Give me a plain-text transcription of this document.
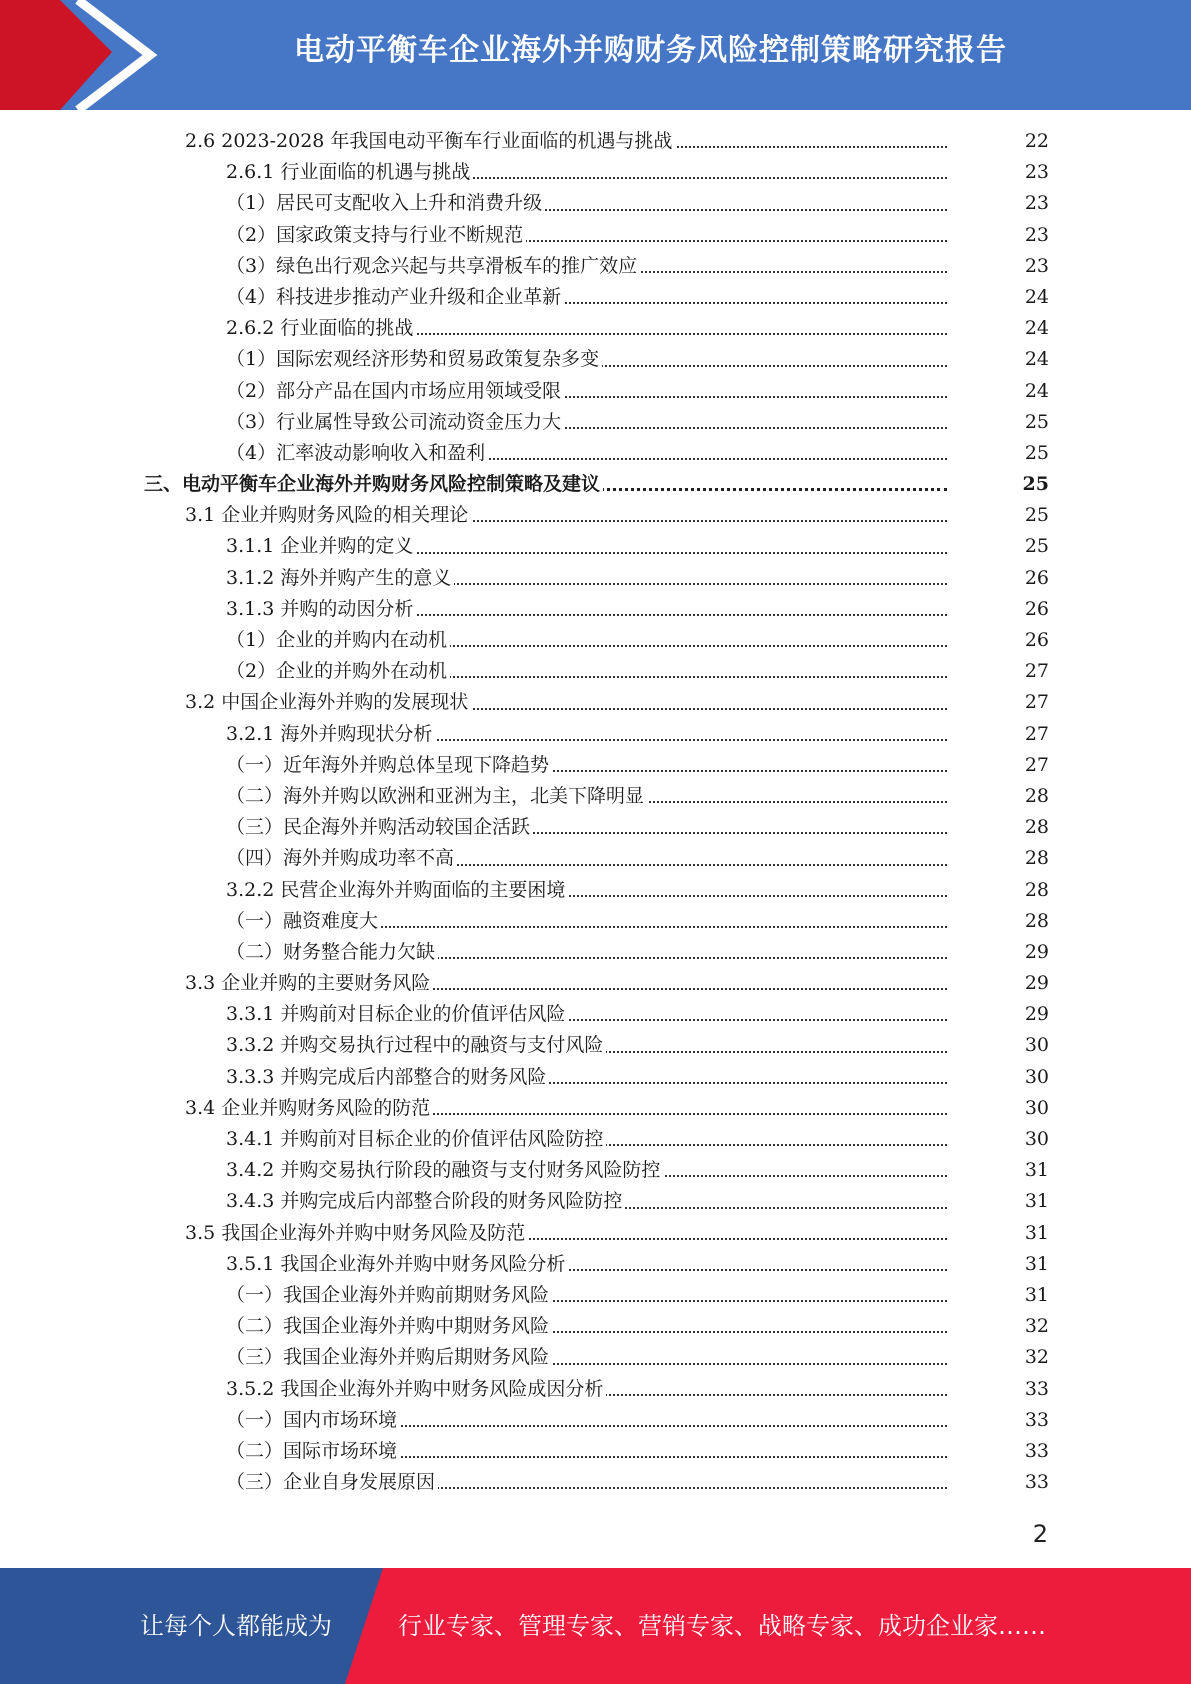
电动平衡车企业海外并购财务风险控制策略研究报告
2.6 2023-2028 年我国电动平衡车行业面临的机遇与挑战	22
2.6.1 行业面临的机遇与挑战	23
（1）居民可支配收入上升和消费升级	23
（2）国家政策支持与行业不断规范	23
（3）绿色出行观念兴起与共享滑板车的推广效应	23
（4）科技进步推动产业升级和企业革新	24
2.6.2 行业面临的挑战	24
（1）国际宏观经济形势和贸易政策复杂多变	24
（2）部分产品在国内市场应用领域受限	24
（3）行业属性导致公司流动资金压力大	25
（4）汇率波动影响收入和盈利	25
三、电动平衡车企业海外并购财务风险控制策略及建议	25
3.1 企业并购财务风险的相关理论	25
3.1.1 企业并购的定义	25
3.1.2 海外并购产生的意义	26
3.1.3 并购的动因分析	26
（1）企业的并购内在动机	26
（2）企业的并购外在动机	27
3.2 中国企业海外并购的发展现状	27
3.2.1 海外并购现状分析	27
（一）近年海外并购总体呈现下降趋势	27
（二）海外并购以欧洲和亚洲为主，北美下降明显	28
（三）民企海外并购活动较国企活跃	28
（四）海外并购成功率不高	28
3.2.2 民营企业海外并购面临的主要困境	28
（一）融资难度大	28
（二）财务整合能力欠缺	29
3.3 企业并购的主要财务风险	29
3.3.1 并购前对目标企业的价值评估风险	29
3.3.2 并购交易执行过程中的融资与支付风险	30
3.3.3 并购完成后内部整合的财务风险	30
3.4 企业并购财务风险的防范	30
3.4.1 并购前对目标企业的价值评估风险防控	30
3.4.2 并购交易执行阶段的融资与支付财务风险防控	31
3.4.3 并购完成后内部整合阶段的财务风险防控	31
3.5 我国企业海外并购中财务风险及防范	31
3.5.1 我国企业海外并购中财务风险分析	31
（一）我国企业海外并购前期财务风险	31
（二）我国企业海外并购中期财务风险	32
（三）我国企业海外并购后期财务风险	32
3.5.2 我国企业海外并购中财务风险成因分析	33
（一）国内市场环境	33
（二）国际市场环境	33
（三）企业自身发展原因	33
2
让每个人都能成为	行业专家、管理专家、营销专家、战略专家、成功企业家……
